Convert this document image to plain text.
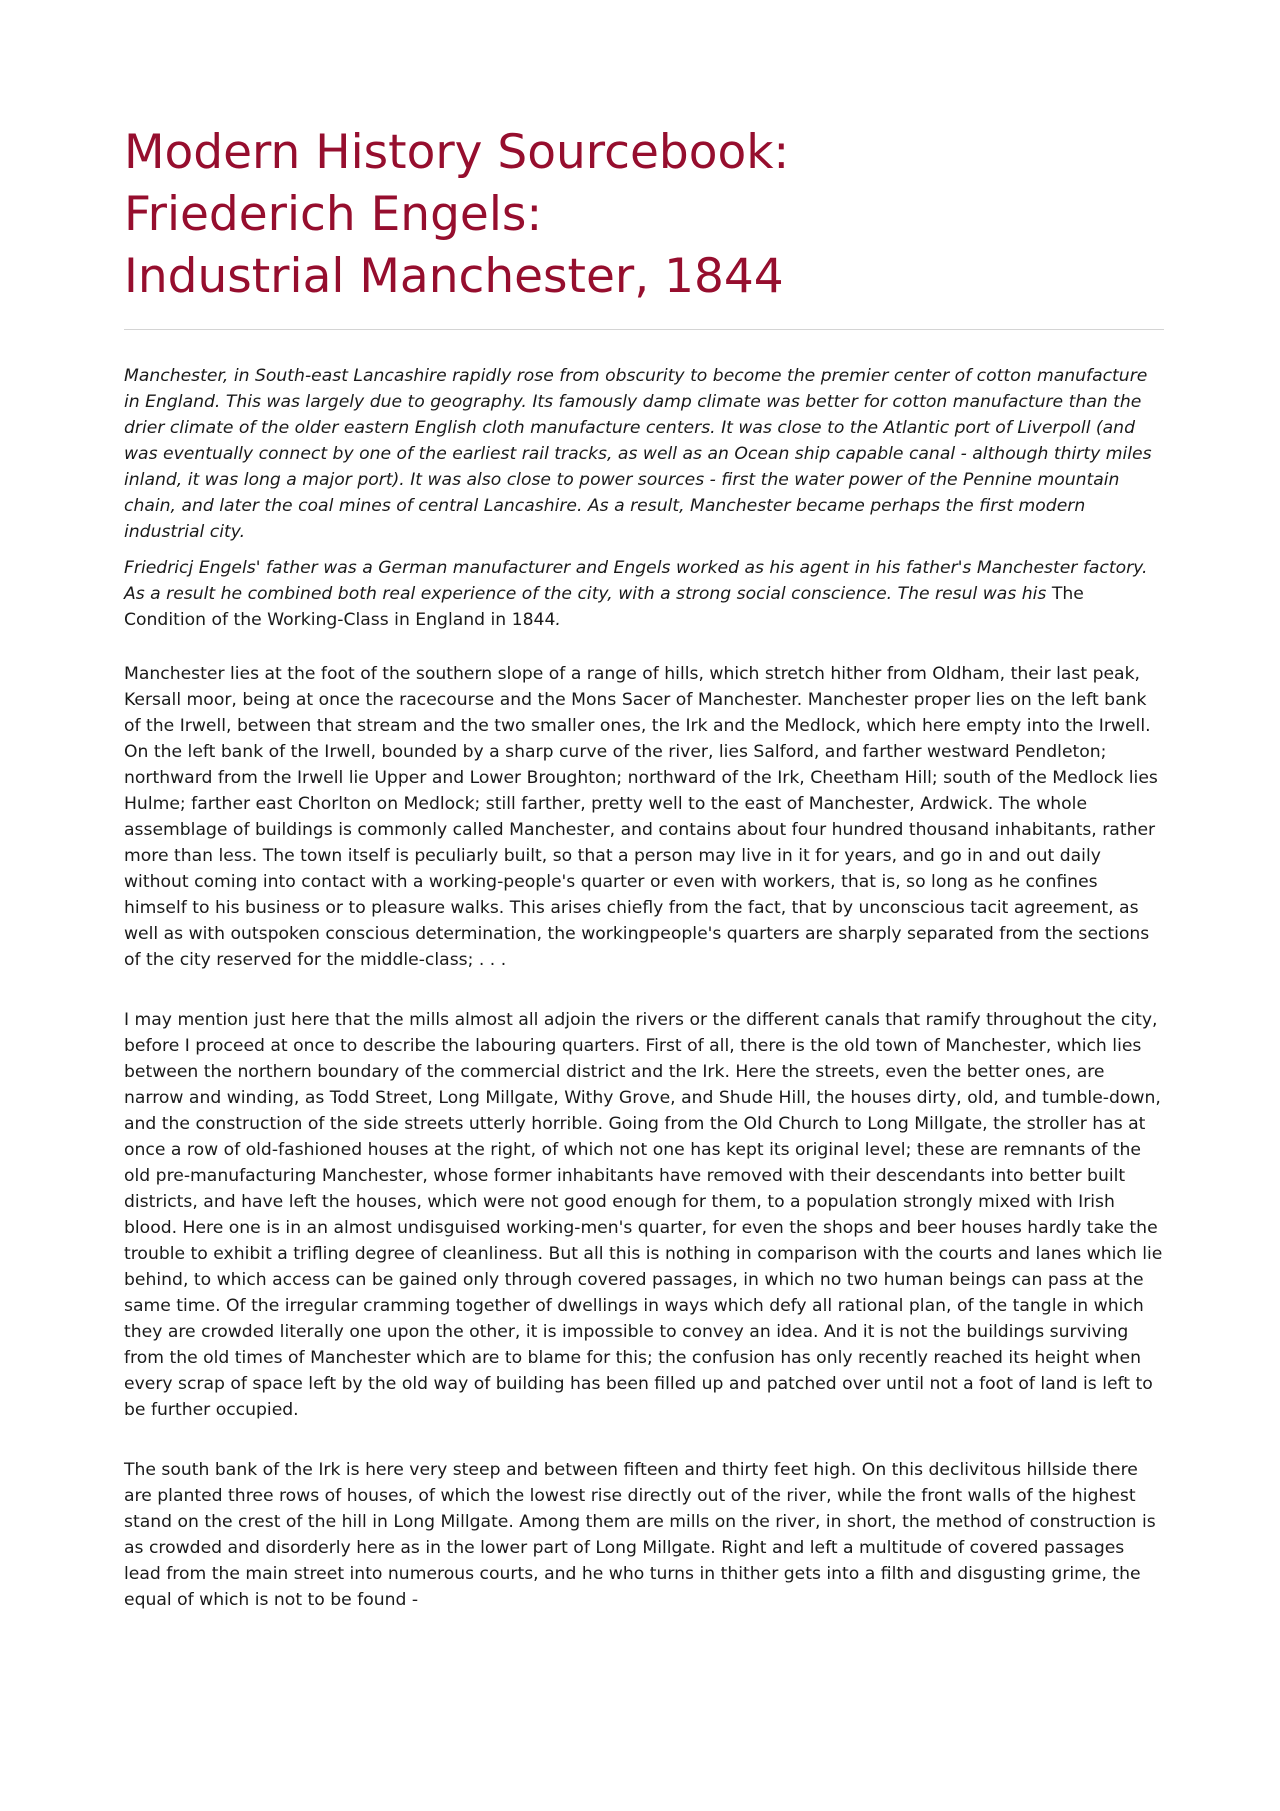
Modern History Sourcebook:
Friederich Engels:
Industrial Manchester, 1844

Manchester, in South-east Lancashire rapidly rose from obscurity to become the premier center of cotton manufacture in England. This was largely due to geography. Its famously damp climate was better for cotton manufacture than the drier climate of the older eastern English cloth manufacture centers. It was close to the Atlantic port of Liverpoll (and was eventually connect by one of the earliest rail tracks, as well as an Ocean ship capable canal - although thirty miles inland, it was long a major port). It was also close to power sources - first the water power of the Pennine mountain chain, and later the coal mines of central Lancashire. As a result, Manchester became perhaps the first modern industrial city.

Friedricj Engels' father was a German manufacturer and Engels worked as his agent in his father's Manchester factory. As a result he combined both real experience of the city, with a strong social conscience. The resul was his The Condition of the Working-Class in England in 1844.

Manchester lies at the foot of the southern slope of a range of hills, which stretch hither from Oldham, their last peak, Kersall moor, being at once the racecourse and the Mons Sacer of Manchester. Manchester proper lies on the left bank of the Irwell, between that stream and the two smaller ones, the Irk and the Medlock, which here empty into the Irwell. On the left bank of the Irwell, bounded by a sharp curve of the river, lies Salford, and farther westward Pendleton; northward from the Irwell lie Upper and Lower Broughton; northward of the Irk, Cheetham Hill; south of the Medlock lies Hulme; farther east Chorlton on Medlock; still farther, pretty well to the east of Manchester, Ardwick. The whole assemblage of buildings is commonly called Manchester, and contains about four hundred thousand inhabitants, rather more than less. The town itself is peculiarly built, so that a person may live in it for years, and go in and out daily without coming into contact with a working-people's quarter or even with workers, that is, so long as he confines himself to his business or to pleasure walks. This arises chiefly from the fact, that by unconscious tacit agreement, as well as with outspoken conscious determination, the workingpeople's quarters are sharply separated from the sections of the city reserved for the middle-class; . . .

I may mention just here that the mills almost all adjoin the rivers or the different canals that ramify throughout the city, before I proceed at once to describe the labouring quarters. First of all, there is the old town of Manchester, which lies between the northern boundary of the commercial district and the Irk. Here the streets, even the better ones, are narrow and winding, as Todd Street, Long Millgate, Withy Grove, and Shude Hill, the houses dirty, old, and tumble-down, and the construction of the side streets utterly horrible. Going from the Old Church to Long Millgate, the stroller has at once a row of old-fashioned houses at the right, of which not one has kept its original level; these are remnants of the old pre-manufacturing Manchester, whose former inhabitants have removed with their descendants into better built districts, and have left the houses, which were not good enough for them, to a population strongly mixed with Irish blood. Here one is in an almost undisguised working-men's quarter, for even the shops and beer houses hardly take the trouble to exhibit a trifling degree of cleanliness. But all this is nothing in comparison with the courts and lanes which lie behind, to which access can be gained only through covered passages, in which no two human beings can pass at the same time. Of the irregular cramming together of dwellings in ways which defy all rational plan, of the tangle in which they are crowded literally one upon the other, it is impossible to convey an idea. And it is not the buildings surviving from the old times of Manchester which are to blame for this; the confusion has only recently reached its height when every scrap of space left by the old way of building has been filled up and patched over until not a foot of land is left to be further occupied.

The south bank of the Irk is here very steep and between fifteen and thirty feet high. On this declivitous hillside there are planted three rows of houses, of which the lowest rise directly out of the river, while the front walls of the highest stand on the crest of the hill in Long Millgate. Among them are mills on the river, in short, the method of construction is as crowded and disorderly here as in the lower part of Long Millgate. Right and left a multitude of covered passages lead from the main street into numerous courts, and he who turns in thither gets into a filth and disgusting grime, the equal of which is not to be found -
